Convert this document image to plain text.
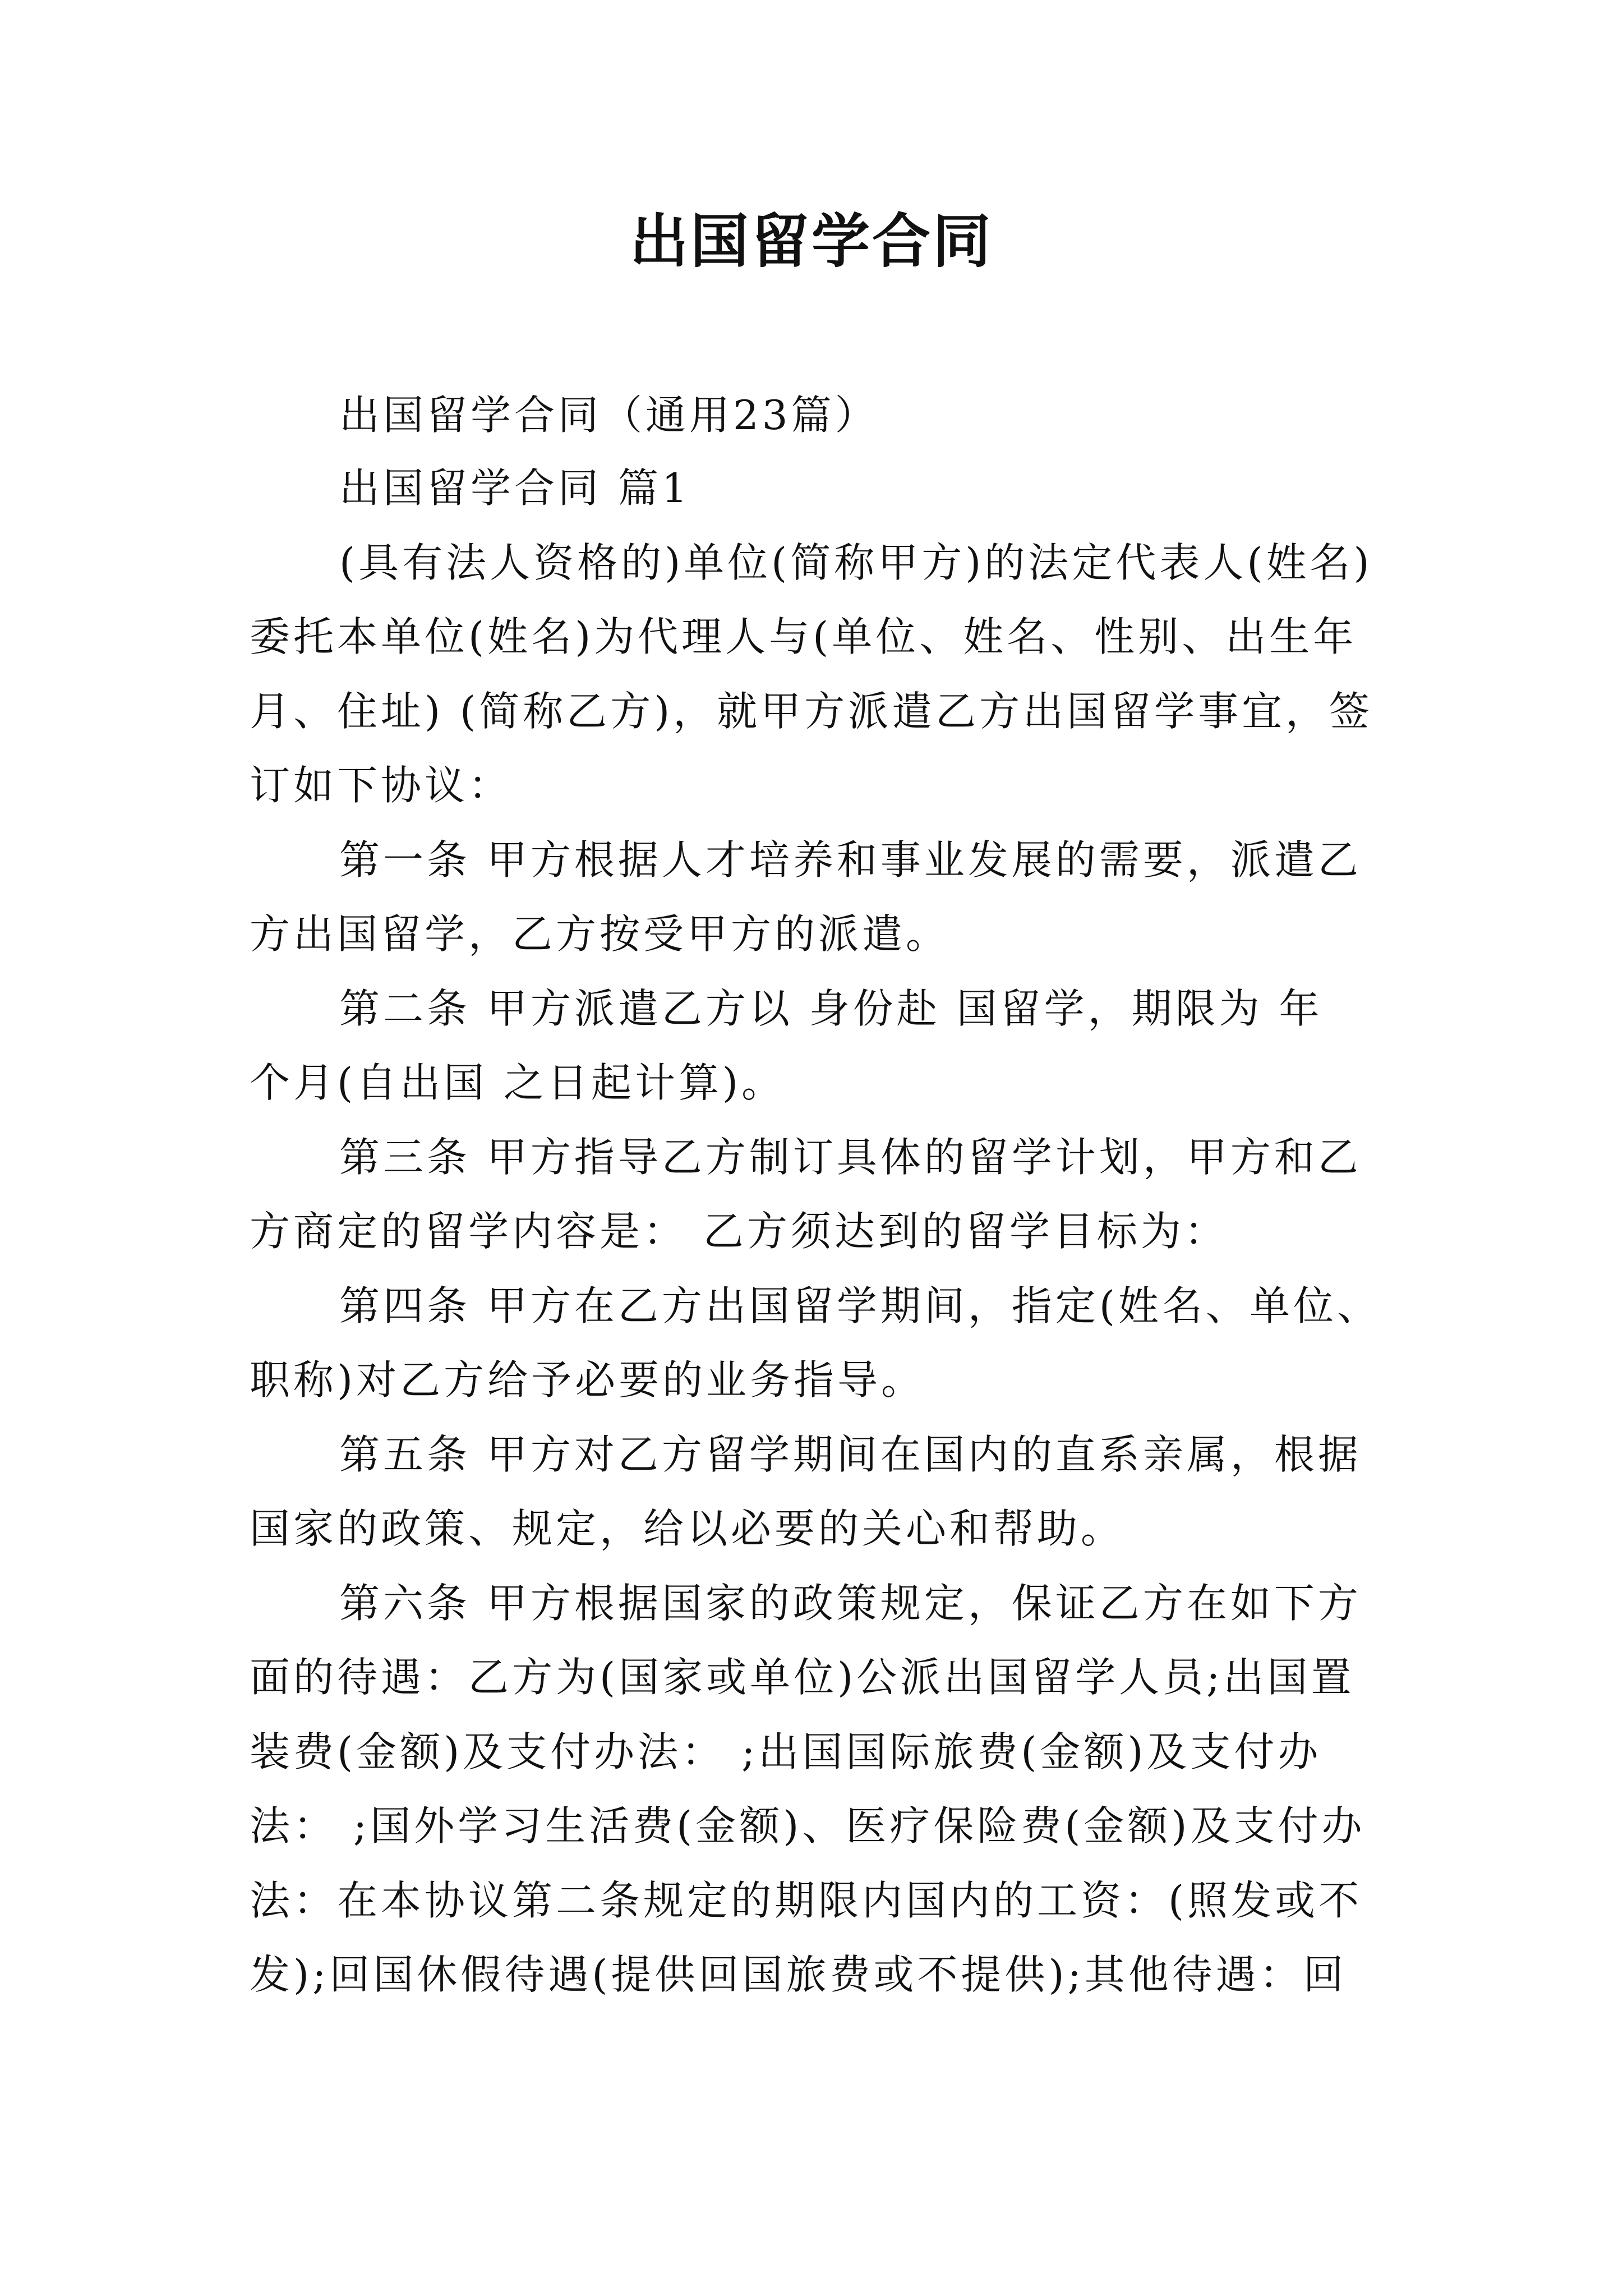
出国留学合同
出国留学合同（通用23篇）
出国留学合同 篇1
(具有法人资格的)单位(简称甲方)的法定代表人(姓名)
委托本单位(姓名)为代理人与(单位、姓名、性别、出生年
月、住址) (简称乙方)，就甲方派遣乙方出国留学事宜，签
订如下协议：
第一条 甲方根据人才培养和事业发展的需要，派遣乙
方出国留学，乙方按受甲方的派遣。
第二条 甲方派遣乙方以 身份赴 国留学，期限为 年
个月(自出国 之日起计算)。
第三条 甲方指导乙方制订具体的留学计划，甲方和乙
方商定的留学内容是： 乙方须达到的留学目标为：
第四条 甲方在乙方出国留学期间，指定(姓名、单位、
职称)对乙方给予必要的业务指导。
第五条 甲方对乙方留学期间在国内的直系亲属，根据
国家的政策、规定，给以必要的关心和帮助。
第六条 甲方根据国家的政策规定，保证乙方在如下方
面的待遇：乙方为(国家或单位)公派出国留学人员;出国置
装费(金额)及支付办法： ;出国国际旅费(金额)及支付办
法： ;国外学习生活费(金额)、医疗保险费(金额)及支付办
法：在本协议第二条规定的期限内国内的工资：(照发或不
发);回国休假待遇(提供回国旅费或不提供);其他待遇：回
